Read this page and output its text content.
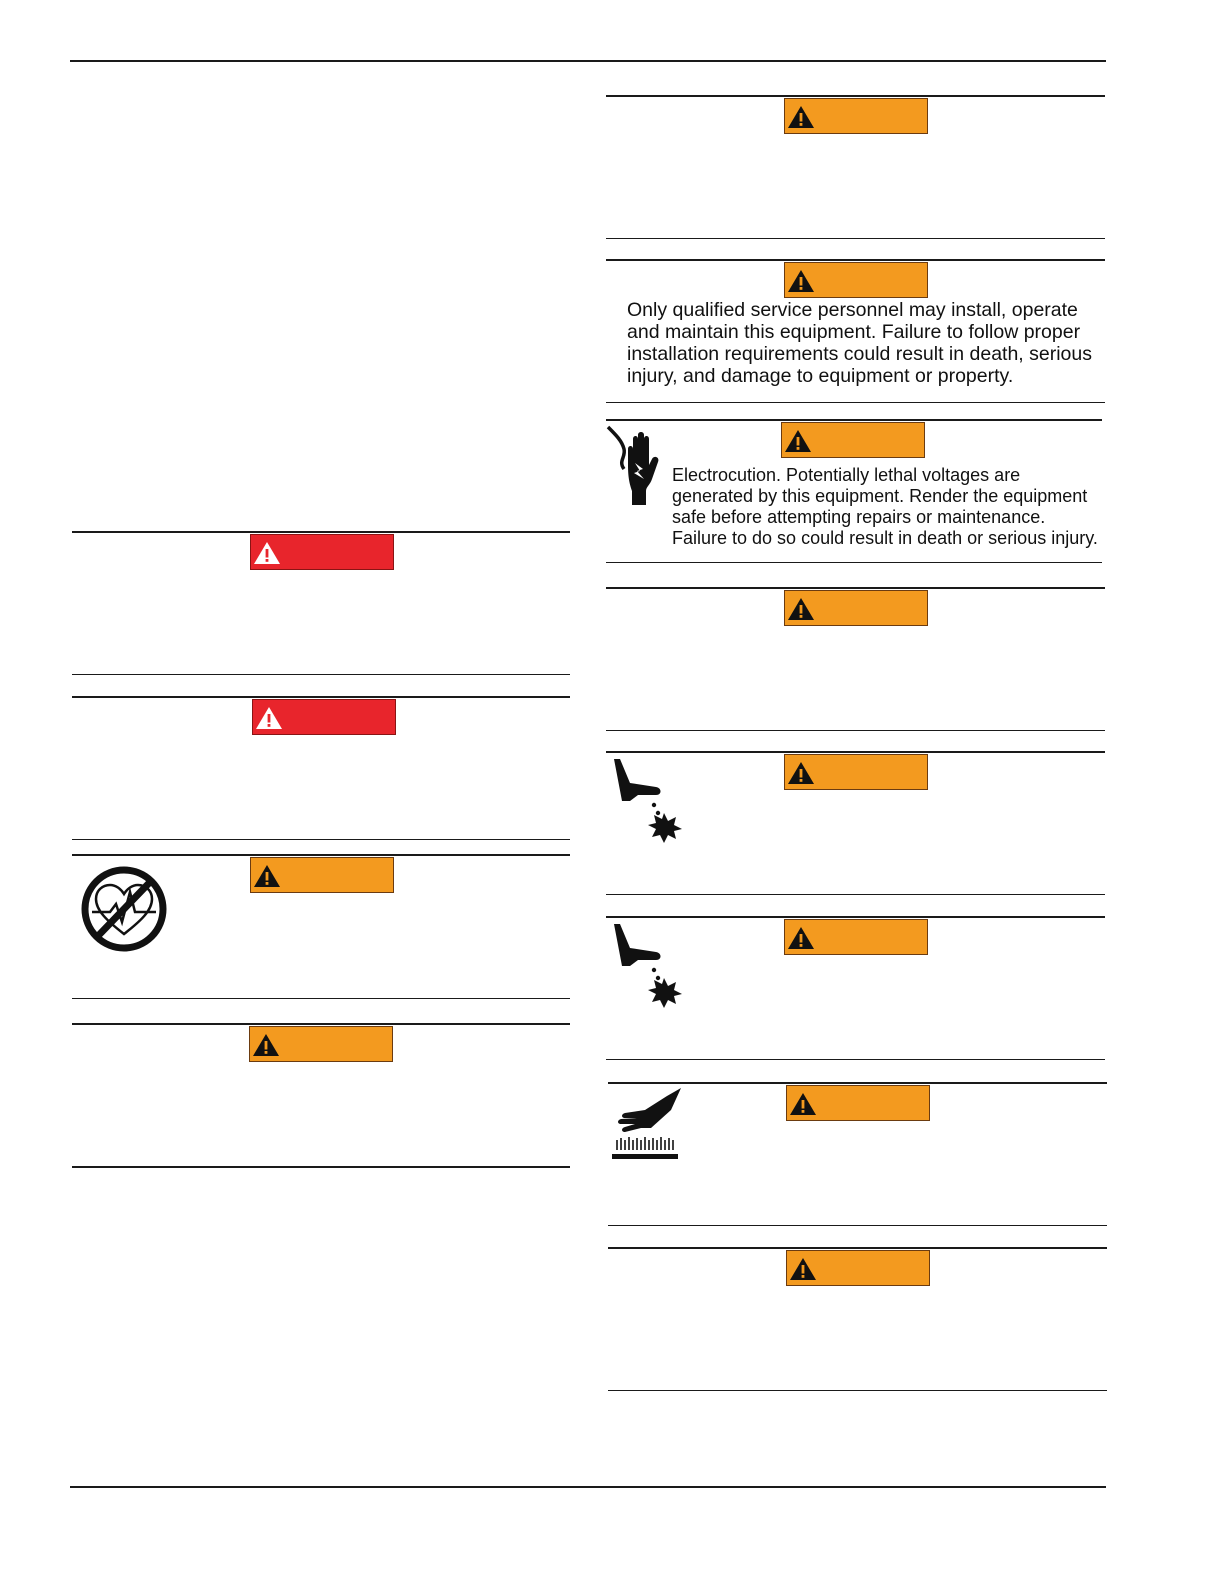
Only qualified service personnel may install, operate and maintain this equipment. Failure to follow proper installation requirements could result in death, serious injury, and damage to equipment or property.

Electrocution. Potentially lethal voltages are generated by this equipment. Render the equipment safe before attempting repairs or maintenance. Failure to do so could result in death or serious injury.
